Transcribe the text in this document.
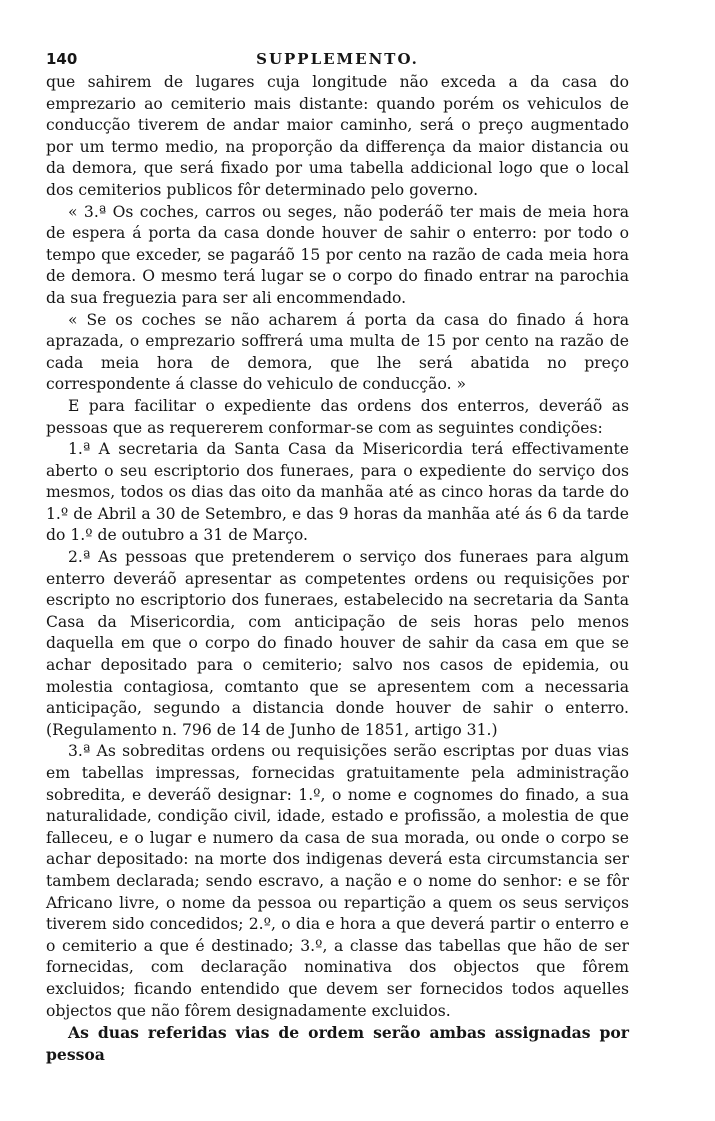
140	SUPPLEMENTO.

que sahirem de lugares cuja longitude não exceda a da casa do emprezario ao cemiterio mais distante: quando porém os vehiculos de conducção tiverem de andar maior caminho, será o preço augmentado por um termo medio, na proporção da differença da maior distancia ou da demora, que será fixado por uma tabella addicional logo que o local dos cemiterios publicos fôr determinado pelo governo.

« 3.ª Os coches, carros ou seges, não poderáõ ter mais de meia hora de espera á porta da casa donde houver de sahir o enterro: por todo o tempo que exceder, se pagaráõ 15 por cento na razão de cada meia hora de demora. O mesmo terá lugar se o corpo do finado entrar na parochia da sua freguezia para ser ali encommendado.

« Se os coches se não acharem á porta da casa do finado á hora aprazada, o emprezario soffrerá uma multa de 15 por cento na razão de cada meia hora de demora, que lhe será abatida no preço correspondente á classe do vehiculo de conducção. »

E para facilitar o expediente das ordens dos enterros, deveráõ as pessoas que as requererem conformar-se com as seguintes condições:

1.ª A secretaria da Santa Casa da Misericordia terá effectivamente aberto o seu escriptorio dos funeraes, para o expediente do serviço dos mesmos, todos os dias das oito da manhãa até as cinco horas da tarde do 1.º de Abril a 30 de Setembro, e das 9 horas da manhãa até ás 6 da tarde do 1.º de outubro a 31 de Março.

2.ª As pessoas que pretenderem o serviço dos funeraes para algum enterro deveráõ apresentar as competentes ordens ou requisições por escripto no escriptorio dos funeraes, estabelecido na secretaria da Santa Casa da Misericordia, com anticipação de seis horas pelo menos daquella em que o corpo do finado houver de sahir da casa em que se achar depositado para o cemiterio; salvo nos casos de epidemia, ou molestia contagiosa, comtanto que se apresentem com a necessaria anticipação, segundo a distancia donde houver de sahir o enterro. (Regulamento n. 796 de 14 de Junho de 1851, artigo 31.)

3.ª As sobreditas ordens ou requisições serão escriptas por duas vias em tabellas impressas, fornecidas gratuitamente pela administração sobredita, e deveráõ designar: 1.º, o nome e cognomes do finado, a sua naturalidade, condição civil, idade, estado e profissão, a molestia de que falleceu, e o lugar e numero da casa de sua morada, ou onde o corpo se achar depositado: na morte dos indigenas deverá esta circumstancia ser tambem declarada; sendo escravo, a nação e o nome do senhor: e se fôr Africano livre, o nome da pessoa ou repartição a quem os seus serviços tiverem sido concedidos; 2.º, o dia e hora a que deverá partir o enterro e o cemiterio a que é destinado; 3.º, a classe das tabellas que hão de ser fornecidas, com declaração nominativa dos objectos que fôrem excluidos; ficando entendido que devem ser fornecidos todos aquelles objectos que não fôrem designadamente excluidos.

As duas referidas vias de ordem serão ambas assignadas por pessoa
